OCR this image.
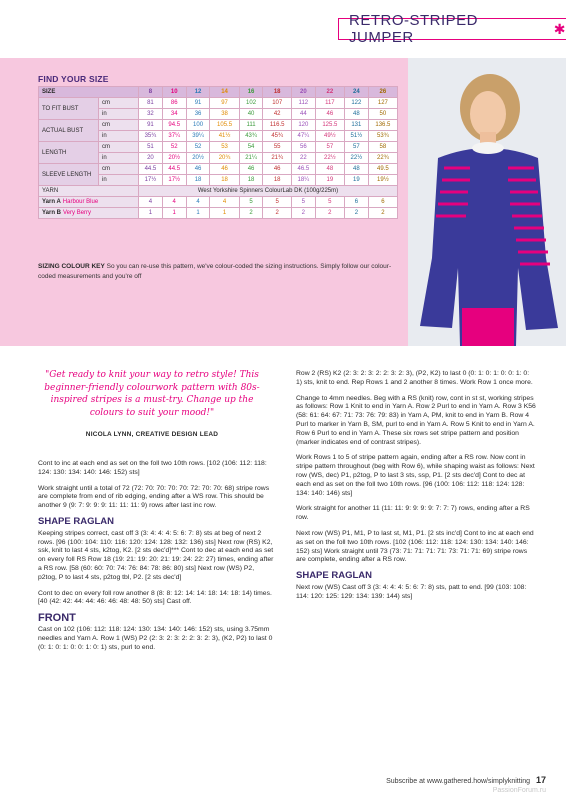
RETRO-STRIPED JUMPER
✱
FIND YOUR SIZE
SIZE		8	10	12	14	16	18	20	22	24	26
TO FIT BUST	cm	81	86	91	97	102	107	112	117	122	127
	in	32	34	36	38	40	42	44	46	48	50
ACTUAL BUST	cm	91	94.5	100	105.5	111	116.5	120	125.5	131	136.5
	in	35¾	37¼	39¼	41½	43¾	45¾	47¼	49½	51½	53¾
LENGTH	cm	51	52	52	53	54	55	56	57	57	58
	in	20	20½	20½	20¾	21¼	21¾	22	22½	22½	22¾
SLEEVE LENGTH	cm	44.5	44.5	46	46	46	46	46.5	48	48	49.5
	in	17½	17½	18	18	18	18	18¼	19	19	19½
YARN		West Yorkshire Spinners ColourLab DK (100g/225m)									
Yarn A Harbour Blue		4	4	4	4	5	5	5	5	6	6
Yarn B Very Berry		1	1	1	1	2	2	2	2	2	2
SIZING COLOUR KEY So you can re-use this pattern, we've colour-coded the sizing instructions. Simply follow our colour-coded measurements and you're off
"Get ready to knit your way to retro style! This beginner-friendly colourwork pattern with 80s-inspired stripes is a must-try. Change up the colours to suit your mood!"
NICOLA LYNN, CREATIVE DESIGN LEAD

Cont to inc at each end as set on the foll two 10th rows. [102 (106: 112: 118: 124: 130: 134: 140: 146: 152) sts]

Work straight until a total of 72 (72: 70: 70: 70: 70: 72: 70: 70: 68) stripe rows are complete from end of rib edging, ending after a WS row. This should be another 9 (9: 7: 9: 9: 9: 11: 11: 11: 9) rows after last inc row.

SHAPE RAGLAN

Keeping stripes correct, cast off 3 (3: 4: 4: 4: 5: 6: 7: 8) sts at beg of next 2 rows. [96 (100: 104: 110: 116: 120: 124: 128: 132: 136) sts] Next row (RS) K2, ssk, knit to last 4 sts, k2tog, K2. [2 sts dec'd]*** Cont to dec at each end as set on every foll RS Row 18 (19: 21: 19: 20: 21: 19: 24: 22: 27) times, ending after a RS row. [58 (60: 60: 70: 74: 76: 84: 78: 86: 80) sts] Next row (WS) P2, p2tog, P to last 4 sts, p2tog tbl, P2. [2 sts dec'd]

Cont to dec on every foll row another 8 (8: 8: 12: 14: 14: 18: 14: 18: 14) times. [40 (42: 42: 44: 44: 46: 46: 48: 48: 50) sts] Cast off.

FRONT

Cast on 102 (106: 112: 118: 124: 130: 134: 140: 146: 152) sts, using 3.75mm needles and Yarn A. Row 1 (WS) P2 (2: 3: 2: 3: 2: 2: 3: 2: 3), (K2, P2) to last 0 (0: 1: 0: 1: 0: 0: 1: 0: 1) sts, purl to end.

Row 2 (RS) K2 (2: 3: 2: 3: 2: 2: 3: 2: 3), (P2, K2) to last 0 (0: 1: 0: 1: 0: 0: 1: 0: 1) sts, knit to end. Rep Rows 1 and 2 another 8 times. Work Row 1 once more.

Change to 4mm needles. Beg with a RS (knit) row, cont in st st, working stripes as follows: Row 1 Knit to end in Yarn A. Row 2 Purl to end in Yarn A. Row 3 K56 (58: 61: 64: 67: 71: 73: 76: 79: 83) in Yarn A, PM, knit to end in Yarn B. Row 4 Purl to marker in Yarn B, SM, purl to end in Yarn A. Row 5 Knit to end in Yarn A. Row 6 Purl to end in Yarn A. These six rows set stripe pattern and position (marker indicates end of contrast stripes).

Work Rows 1 to 5 of stripe pattern again, ending after a RS row. Now cont in stripe pattern throughout (beg with Row 6), while shaping waist as follows: Next row (WS, dec) P1, p2tog, P to last 3 sts, ssp, P1. [2 sts dec'd] Cont to dec at each end as set on the foll two 10th rows. [96 (100: 106: 112: 118: 124: 128: 134: 140: 146) sts]

Work straight for another 11 (11: 11: 9: 9: 9: 9: 7: 7: 7) rows, ending after a RS row.

Next row (WS) P1, M1, P to last st, M1, P1. [2 sts inc'd] Cont to inc at each end as set on the foll two 10th rows. [102 (106: 112: 118: 124: 130: 134: 140: 146: 152) sts] Work straight until 73 (73: 71: 71: 71: 71: 73: 71: 71: 69) stripe rows are complete, ending after a RS row.

SHAPE RAGLAN

Next row (WS) Cast off 3 (3: 4: 4: 4: 5: 6: 7: 8) sts, patt to end. [99 (103: 108: 114: 120: 125: 129: 134: 139: 144) sts]

Subscribe at www.gathered.how/simplyknitting 17
PassionForum.ru
